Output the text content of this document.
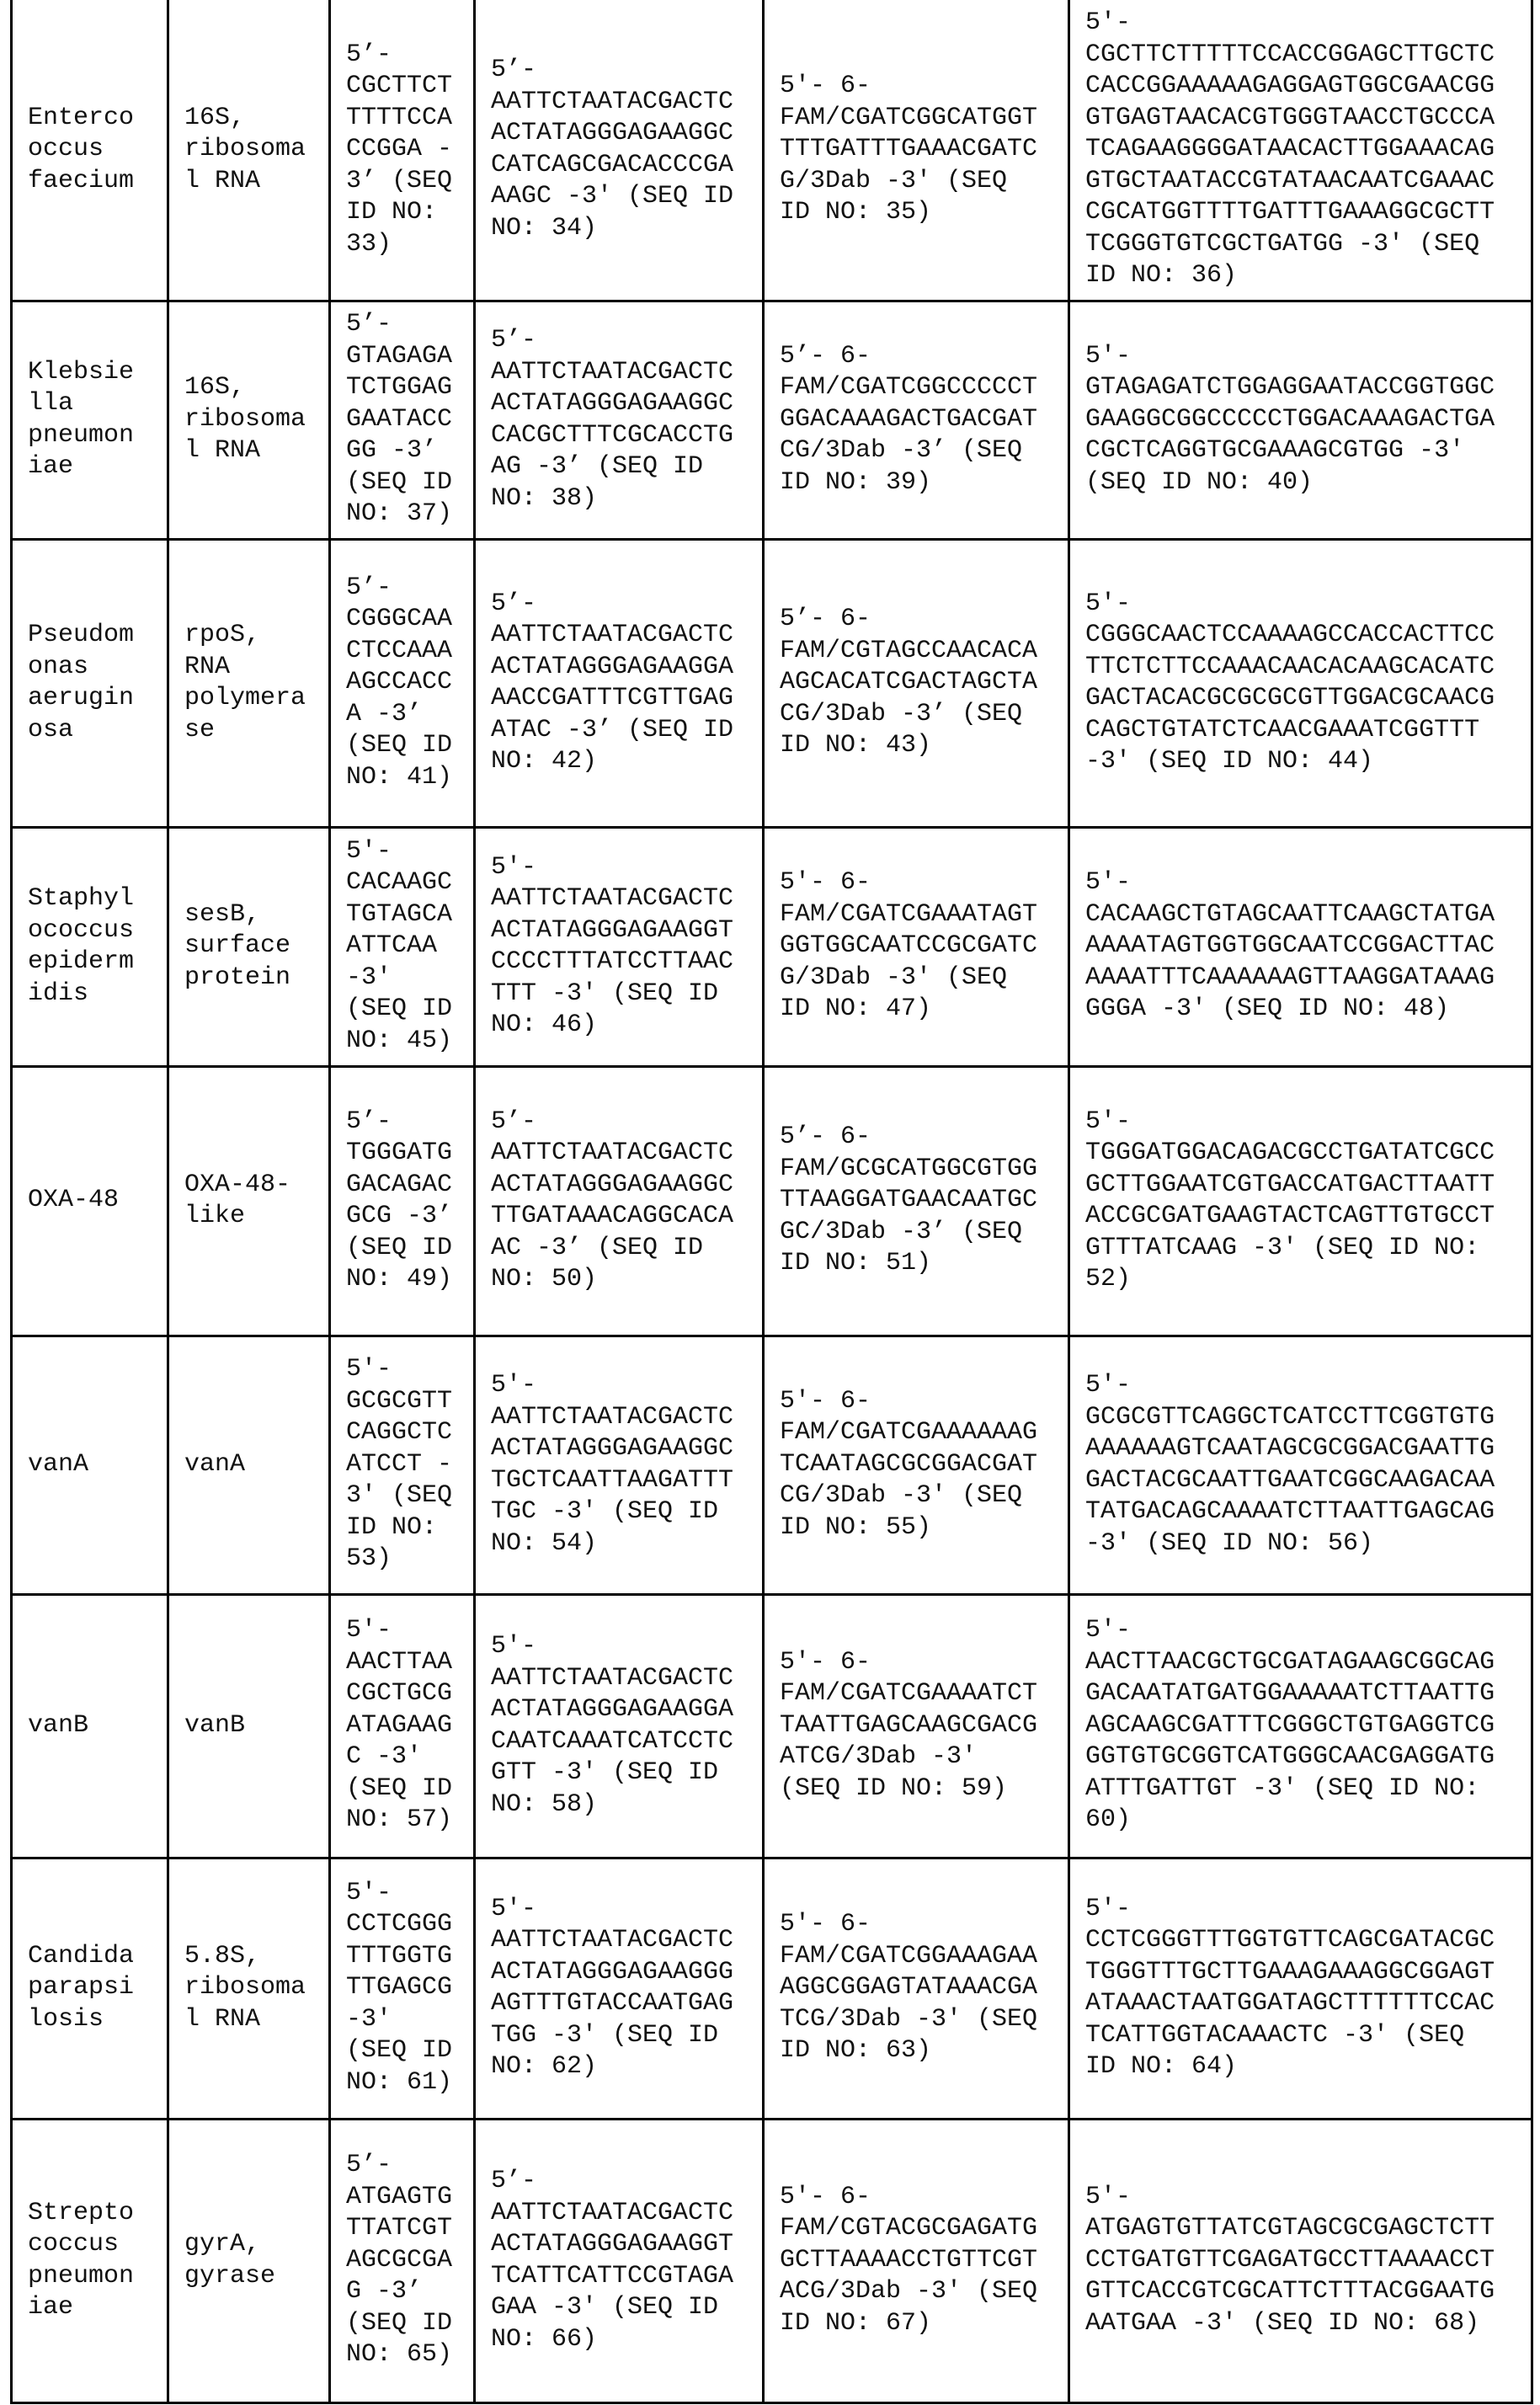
Enterco
occus
faecium	16S,
ribosoma
l RNA	5’-
CGCTTCT
TTTTCCA
CCGGA -
3’ (SEQ
ID NO:
33)	5’-
AATTCTAATACGACTC
ACTATAGGGAGAAGGC
CATCAGCGACACCCGA
AAGC -3' (SEQ ID
NO: 34)	5'- 6-
FAM/CGATCGGCATGGT
TTTGATTTGAAACGATC
G/3Dab -3' (SEQ
ID NO: 35)	5'-
CGCTTCTTTTTCCACCGGAGCTTGCTC
CACCGGAAAAAGAGGAGTGGCGAACGG
GTGAGTAACACGTGGGTAACCTGCCCA
TCAGAAGGGGATAACACTTGGAAACAG
GTGCTAATACCGTATAACAATCGAAAC
CGCATGGTTTTGATTTGAAAGGCGCTT
TCGGGTGTCGCTGATGG -3' (SEQ
ID NO: 36)
Klebsie
lla
pneumon
iae	16S,
ribosoma
l RNA	5’-
GTAGAGA
TCTGGAG
GAATACC
GG -3’
(SEQ ID
NO: 37)	5’-
AATTCTAATACGACTC
ACTATAGGGAGAAGGC
CACGCTTTCGCACCTG
AG -3’ (SEQ ID
NO: 38)	5’- 6-
FAM/CGATCGGCCCCCT
GGACAAAGACTGACGAT
CG/3Dab -3’ (SEQ
ID NO: 39)	5'-
GTAGAGATCTGGAGGAATACCGGTGGC
GAAGGCGGCCCCCTGGACAAAGACTGA
CGCTCAGGTGCGAAAGCGTGG -3'
(SEQ ID NO: 40)
Pseudom
onas
aerugin
osa	rpoS,
RNA
polymera
se	5’-
CGGGCAA
CTCCAAA
AGCCACC
A -3’
(SEQ ID
NO: 41)	5’-
AATTCTAATACGACTC
ACTATAGGGAGAAGGA
AACCGATTTCGTTGAG
ATAC -3’ (SEQ ID
NO: 42)	5’- 6-
FAM/CGTAGCCAACACA
AGCACATCGACTAGCTA
CG/3Dab -3’ (SEQ
ID NO: 43)	5'-
CGGGCAACTCCAAAAGCCACCACTTCC
TTCTCTTCCAAACAACACAAGCACATC
GACTACACGCGCGCGTTGGACGCAACG
CAGCTGTATCTCAACGAAATCGGTTT
-3' (SEQ ID NO: 44)
Staphyl
ococcus
epiderm
idis	sesB,
surface
protein	5'-
CACAAGC
TGTAGCA
ATTCAA
-3'
(SEQ ID
NO: 45)	5'-
AATTCTAATACGACTC
ACTATAGGGAGAAGGT
CCCCTTTATCCTTAAC
TTT -3' (SEQ ID
NO: 46)	5'- 6-
FAM/CGATCGAAATAGT
GGTGGCAATCCGCGATC
G/3Dab -3' (SEQ
ID NO: 47)	5'-
CACAAGCTGTAGCAATTCAAGCTATGA
AAAATAGTGGTGGCAATCCGGACTTAC
AAAATTTCAAAAAAGTTAAGGATAAAG
GGGA -3' (SEQ ID NO: 48)
OXA-48	OXA-48-
like	5’-
TGGGATG
GACAGAC
GCG -3’
(SEQ ID
NO: 49)	5’-
AATTCTAATACGACTC
ACTATAGGGAGAAGGC
TTGATAAACAGGCACA
AC -3’ (SEQ ID
NO: 50)	5’- 6-
FAM/GCGCATGGCGTGG
TTAAGGATGAACAATGC
GC/3Dab -3’ (SEQ
ID NO: 51)	5'-
TGGGATGGACAGACGCCTGATATCGCC
GCTTGGAATCGTGACCATGACTTAATT
ACCGCGATGAAGTACTCAGTTGTGCCT
GTTTATCAAG -3' (SEQ ID NO:
52)
vanA	vanA	5'-
GCGCGTT
CAGGCTC
ATCCT -
3' (SEQ
ID NO:
53)	5'-
AATTCTAATACGACTC
ACTATAGGGAGAAGGC
TGCTCAATTAAGATTT
TGC -3' (SEQ ID
NO: 54)	5'- 6-
FAM/CGATCGAAAAAAG
TCAATAGCGCGGACGAT
CG/3Dab -3' (SEQ
ID NO: 55)	5'-
GCGCGTTCAGGCTCATCCTTCGGTGTG
AAAAAAGTCAATAGCGCGGACGAATTG
GACTACGCAATTGAATCGGCAAGACAA
TATGACAGCAAAATCTTAATTGAGCAG
-3' (SEQ ID NO: 56)
vanB	vanB	5'-
AACTTAA
CGCTGCG
ATAGAAG
C -3'
(SEQ ID
NO: 57)	5'-
AATTCTAATACGACTC
ACTATAGGGAGAAGGA
CAATCAAATCATCCTC
GTT -3' (SEQ ID
NO: 58)	5'- 6-
FAM/CGATCGAAAATCT
TAATTGAGCAAGCGACG
ATCG/3Dab -3'
(SEQ ID NO: 59)	5'-
AACTTAACGCTGCGATAGAAGCGGCAG
GACAATATGATGGAAAAATCTTAATTG
AGCAAGCGATTTCGGGCTGTGAGGTCG
GGTGTGCGGTCATGGGCAACGAGGATG
ATTTGATTGT -3' (SEQ ID NO:
60)
Candida
parapsi
losis	5.8S,
ribosoma
l RNA	5'-
CCTCGGG
TTTGGTG
TTGAGCG
-3'
(SEQ ID
NO: 61)	5'-
AATTCTAATACGACTC
ACTATAGGGAGAAGGG
AGTTTGTACCAATGAG
TGG -3' (SEQ ID
NO: 62)	5'- 6-
FAM/CGATCGGAAAGAA
AGGCGGAGTATAAACGA
TCG/3Dab -3' (SEQ
ID NO: 63)	5'-
CCTCGGGTTTGGTGTTCAGCGATACGC
TGGGTTTGCTTGAAAGAAAGGCGGAGT
ATAAACTAATGGATAGCTTTTTTCCAC
TCATTGGTACAAACTC -3' (SEQ
ID NO: 64)
Strepto
coccus
pneumon
iae	gyrA,
gyrase	5’-
ATGAGTG
TTATCGT
AGCGCGA
G -3’
(SEQ ID
NO: 65)	5’-
AATTCTAATACGACTC
ACTATAGGGAGAAGGT
TCATTCATTCCGTAGA
GAA -3' (SEQ ID
NO: 66)	5'- 6-
FAM/CGTACGCGAGATG
GCTTAAAACCTGTTCGT
ACG/3Dab -3' (SEQ
ID NO: 67)	5'-
ATGAGTGTTATCGTAGCGCGAGCTCTT
CCTGATGTTCGAGATGCCTTAAAACCT
GTTCACCGTCGCATTCTTTACGGAATG
AATGAA -3' (SEQ ID NO: 68)
